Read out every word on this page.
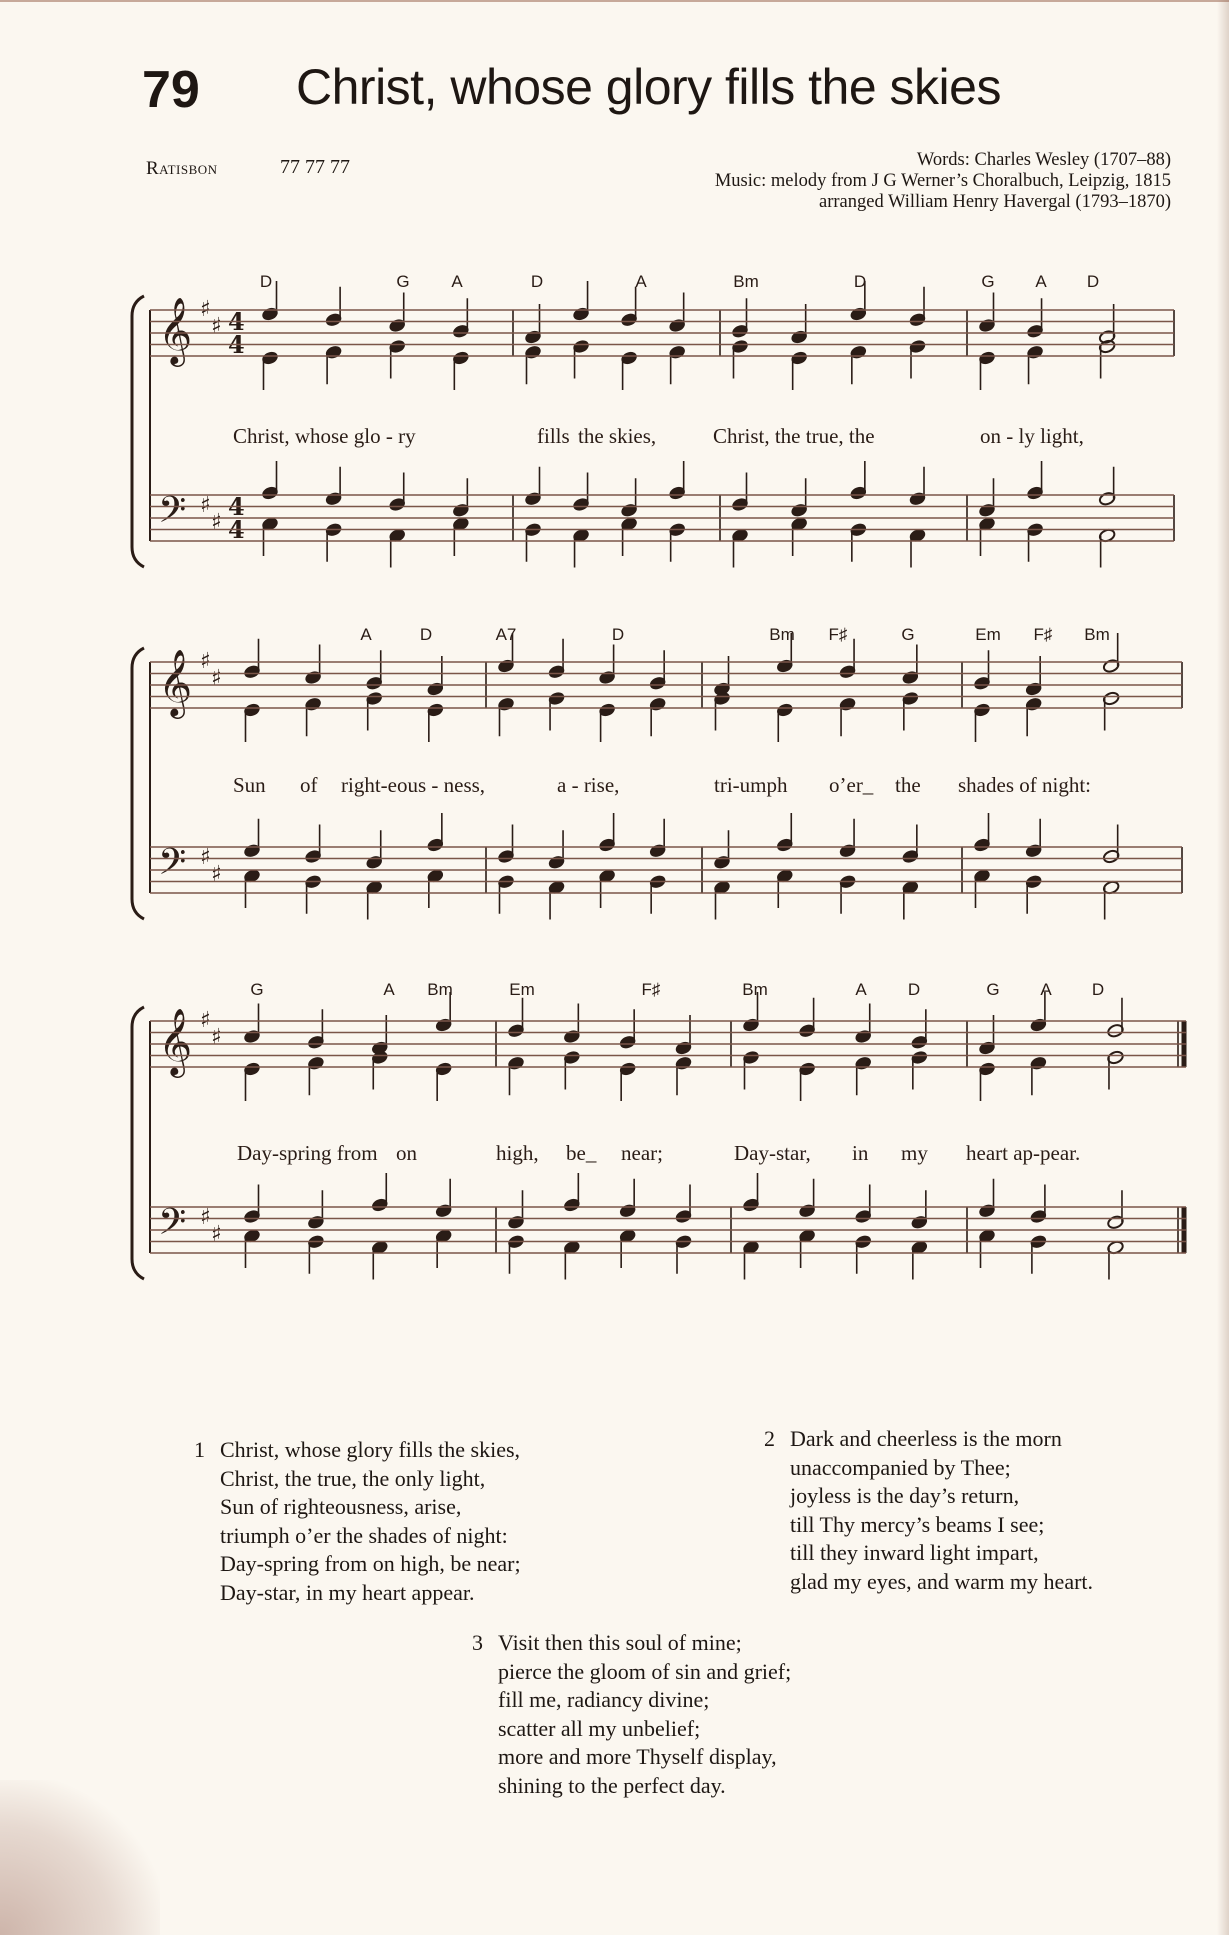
79 Christ, whose glory fills the skies
Ratisbon	77 77 77	Words: Charles Wesley (1707–88)
Music: melody from J G Werner’s Choralbuch, Leipzig, 1815
arranged William Henry Havergal (1793–1870)
𝄞
𝄢
♯
♯
♯
♯
4
4
4
4
D	G A	D	A	Bm	D	G A D
Christ, whose glo - ry	fills the skies,	Christ, the true, the	on - ly light,
𝄞
𝄢
♯
♯
♯
♯
A	D	A7	D	Bm F♯	G	Em F♯ Bm
Sun of right-eous - ness,	a - rise,	tri-umph o’er_ the shades of night:
𝄞
𝄢
♯
♯
♯
♯
G	A Bm	Em	F♯	Bm	A D	G A D
Day-spring from on	high, be_ near;	Day-star, in my heart ap-pear.
1 Christ, whose glory fills the skies,
Christ, the true, the only light,
Sun of righteousness, arise,
triumph o’er the shades of night:
Day-spring from on high, be near;
Day-star, in my heart appear.
2 Dark and cheerless is the morn
unaccompanied by Thee;
joyless is the day’s return,
till Thy mercy’s beams I see;
till they inward light impart,
glad my eyes, and warm my heart.
3 Visit then this soul of mine;
pierce the gloom of sin and grief;
fill me, radiancy divine;
scatter all my unbelief;
more and more Thyself display,
shining to the perfect day.
